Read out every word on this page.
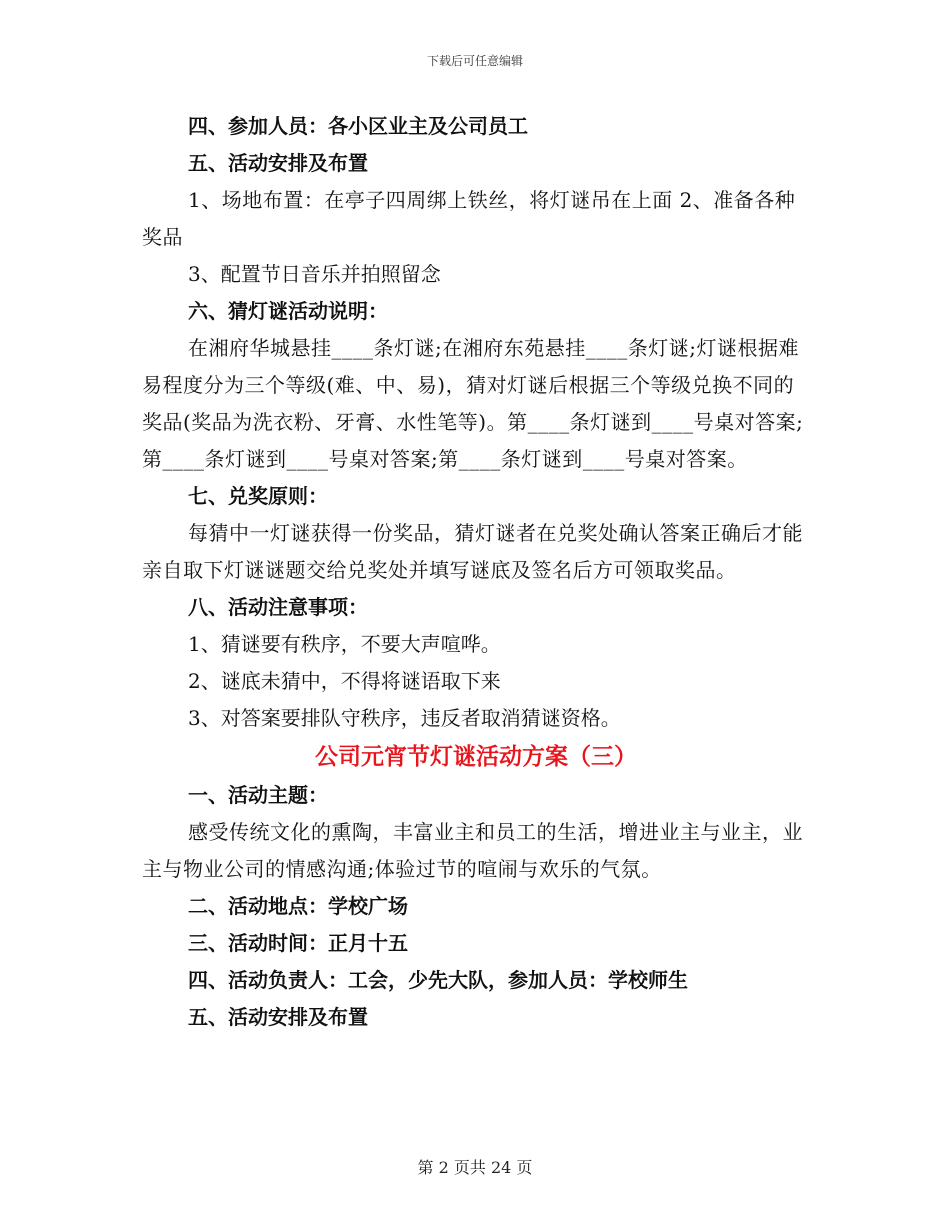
下载后可任意编辑

四、参加人员：各小区业主及公司员工

五、活动安排及布置

1、场地布置：在亭子四周绑上铁丝，将灯谜吊在上面 2、准备各种奖品

3、配置节日音乐并拍照留念

六、猜灯谜活动说明：

在湘府华城悬挂____条灯谜;在湘府东苑悬挂____条灯谜;灯谜根据难易程度分为三个等级(难、中、易)，猜对灯谜后根据三个等级兑换不同的奖品(奖品为洗衣粉、牙膏、水性笔等)。第____条灯谜到____号桌对答案;第____条灯谜到____号桌对答案;第____条灯谜到____号桌对答案。

七、兑奖原则：

每猜中一灯谜获得一份奖品，猜灯谜者在兑奖处确认答案正确后才能亲自取下灯谜谜题交给兑奖处并填写谜底及签名后方可领取奖品。

八、活动注意事项：

1、猜谜要有秩序，不要大声喧哗。

2、谜底未猜中，不得将谜语取下来

3、对答案要排队守秩序，违反者取消猜谜资格。

公司元宵节灯谜活动方案（三）

一、活动主题：

感受传统文化的熏陶，丰富业主和员工的生活，增进业主与业主，业主与物业公司的情感沟通;体验过节的喧闹与欢乐的气氛。

二、活动地点：学校广场

三、活动时间：正月十五

四、活动负责人：工会，少先大队，参加人员：学校师生

五、活动安排及布置

第 2 页共 24 页
